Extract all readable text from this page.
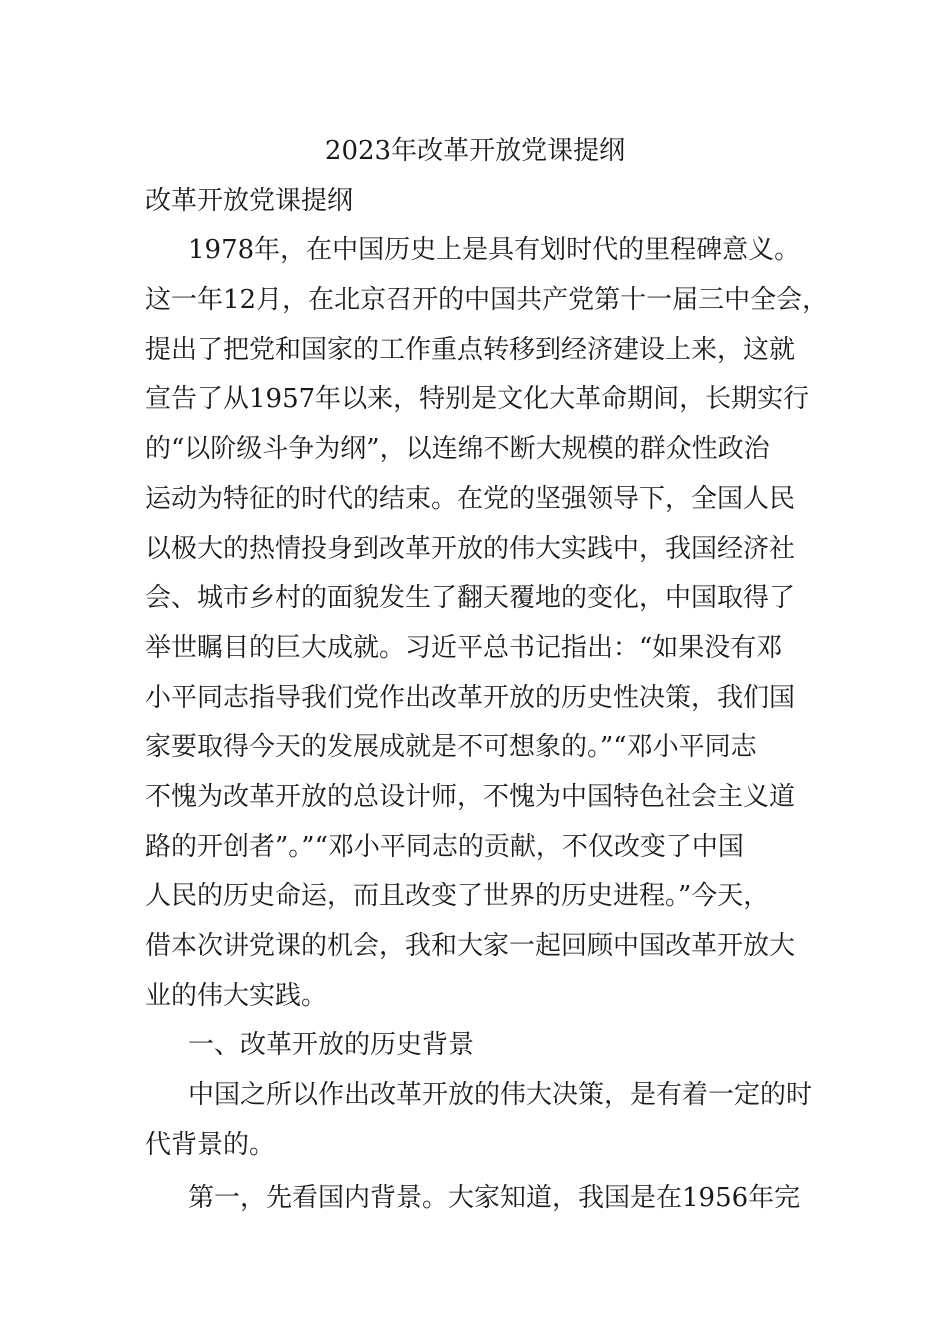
2023年改革开放党课提纲
改革开放党课提纲
1978年，在中国历史上是具有划时代的里程碑意义。
这一年12月，在北京召开的中国共产党第十一届三中全会，
提出了把党和国家的工作重点转移到经济建设上来，这就
宣告了从1957年以来，特别是文化大革命期间，长期实行
的“以阶级斗争为纲”，以连绵不断大规模的群众性政治
运动为特征的时代的结束。在党的坚强领导下，全国人民
以极大的热情投身到改革开放的伟大实践中，我国经济社
会、城市乡村的面貌发生了翻天覆地的变化，中国取得了
举世瞩目的巨大成就。习近平总书记指出：“如果没有邓
小平同志指导我们党作出改革开放的历史性决策，我们国
家要取得今天的发展成就是不可想象的。”“邓小平同志
不愧为改革开放的总设计师，不愧为中国特色社会主义道
路的开创者”。”“邓小平同志的贡献，不仅改变了中国
人民的历史命运，而且改变了世界的历史进程。”今天，
借本次讲党课的机会，我和大家一起回顾中国改革开放大
业的伟大实践。
一、改革开放的历史背景
中国之所以作出改革开放的伟大决策，是有着一定的时
代背景的。
第一，先看国内背景。大家知道，我国是在1956年完
